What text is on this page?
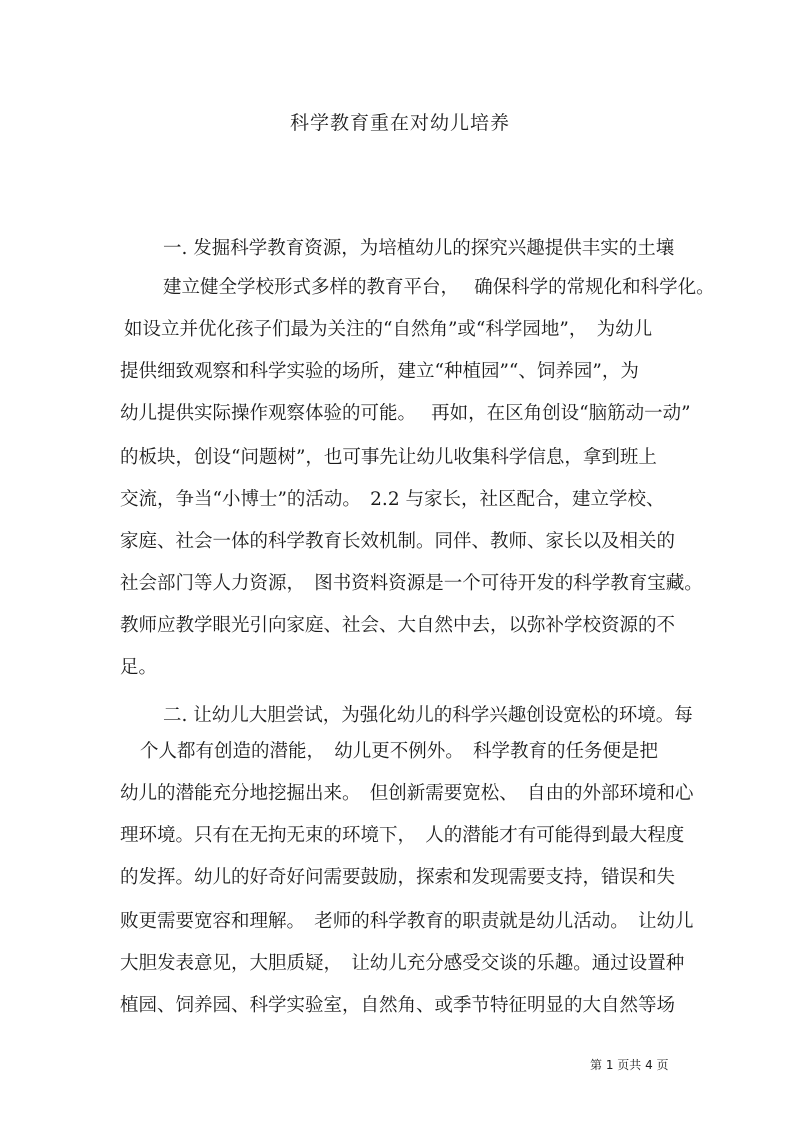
科学教育重在对幼儿培养
一. 发掘科学教育资源，为培植幼儿的探究兴趣提供丰实的土壤
建立健全学校形式多样的教育平台，　 确保科学的常规化和科学化。
如设立并优化孩子们最为关注的“自然角”或“科学园地”，　为幼儿
提供细致观察和科学实验的场所，建立“种植园”“、饲养园”，为
幼儿提供实际操作观察体验的可能。　 再如，在区角创设“脑筋动一动”
的板块，创设“问题树”，也可事先让幼儿收集科学信息，拿到班上
交流，争当“小博士”的活动。　2.2 与家长，社区配合，建立学校、
家庭、社会一体的科学教育长效机制。同伴、教师、家长以及相关的
社会部门等人力资源，　图书资料资源是一个可待开发的科学教育宝藏。
教师应教学眼光引向家庭、社会、大自然中去，以弥补学校资源的不
足。
二. 让幼儿大胆尝试，为强化幼儿的科学兴趣创设宽松的环境。每
个人都有创造的潜能，　幼儿更不例外。　科学教育的任务便是把
幼儿的潜能充分地挖掘出来。　但创新需要宽松、　自由的外部环境和心
理环境。只有在无拘无束的环境下，　人的潜能才有可能得到最大程度
的发挥。幼儿的好奇好问需要鼓励，探索和发现需要支持，错误和失
败更需要宽容和理解。　老师的科学教育的职责就是幼儿活动。　让幼儿
大胆发表意见，大胆质疑，　让幼儿充分感受交谈的乐趣。通过设置种
植园、饲养园、科学实验室，自然角、或季节特征明显的大自然等场
第 1 页共 4 页
